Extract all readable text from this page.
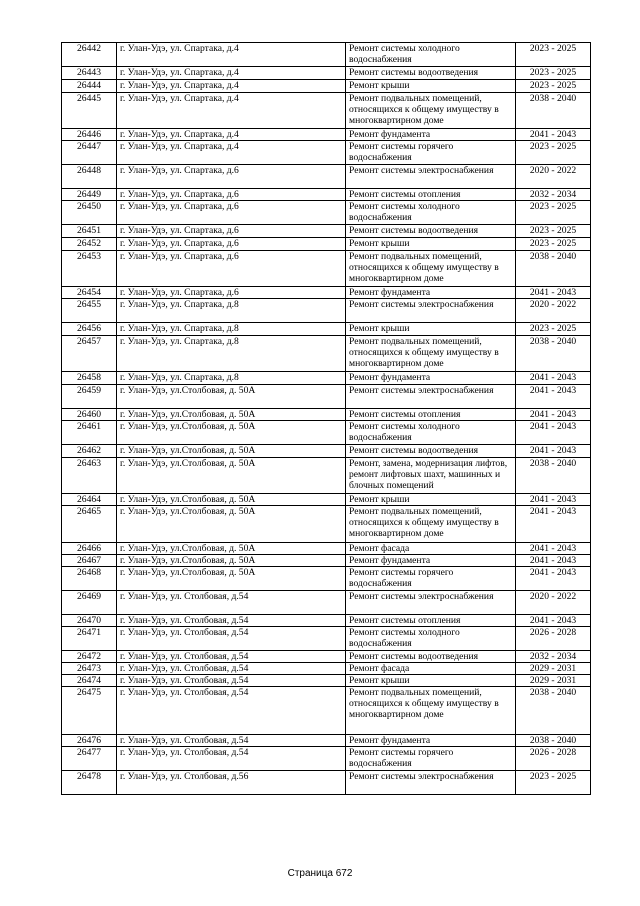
26442	г. Улан-Удэ, ул. Спартака, д.4	Ремонт системы холодного водоснабжения	2023 - 2025
26443	г. Улан-Удэ, ул. Спартака, д.4	Ремонт системы водоотведения	2023 - 2025
26444	г. Улан-Удэ, ул. Спартака, д.4	Ремонт крыши	2023 - 2025
26445	г. Улан-Удэ, ул. Спартака, д.4	Ремонт подвальных помещений, относящихся к общему имуществу в многоквартирном доме	2038 - 2040
26446	г. Улан-Удэ, ул. Спартака, д.4	Ремонт фундамента	2041 - 2043
26447	г. Улан-Удэ, ул. Спартака, д.4	Ремонт системы горячего водоснабжения	2023 - 2025
26448	г. Улан-Удэ, ул. Спартака, д.6	Ремонт системы электроснабжения	2020 - 2022
26449	г. Улан-Удэ, ул. Спартака, д.6	Ремонт системы отопления	2032 - 2034
26450	г. Улан-Удэ, ул. Спартака, д.6	Ремонт системы холодного водоснабжения	2023 - 2025
26451	г. Улан-Удэ, ул. Спартака, д.6	Ремонт системы водоотведения	2023 - 2025
26452	г. Улан-Удэ, ул. Спартака, д.6	Ремонт крыши	2023 - 2025
26453	г. Улан-Удэ, ул. Спартака, д.6	Ремонт подвальных помещений, относящихся к общему имуществу в многоквартирном доме	2038 - 2040
26454	г. Улан-Удэ, ул. Спартака, д.6	Ремонт фундамента	2041 - 2043
26455	г. Улан-Удэ, ул. Спартака, д.8	Ремонт системы электроснабжения	2020 - 2022
26456	г. Улан-Удэ, ул. Спартака, д.8	Ремонт крыши	2023 - 2025
26457	г. Улан-Удэ, ул. Спартака, д.8	Ремонт подвальных помещений, относящихся к общему имуществу в многоквартирном доме	2038 - 2040
26458	г. Улан-Удэ, ул. Спартака, д.8	Ремонт фундамента	2041 - 2043
26459	г. Улан-Удэ, ул.Столбовая, д. 50А	Ремонт системы электроснабжения	2041 - 2043
26460	г. Улан-Удэ, ул.Столбовая, д. 50А	Ремонт системы отопления	2041 - 2043
26461	г. Улан-Удэ, ул.Столбовая, д. 50А	Ремонт системы холодного водоснабжения	2041 - 2043
26462	г. Улан-Удэ, ул.Столбовая, д. 50А	Ремонт системы водоотведения	2041 - 2043
26463	г. Улан-Удэ, ул.Столбовая, д. 50А	Ремонт, замена, модернизация лифтов, ремонт лифтовых шахт, машинных и блочных помещений	2038 - 2040
26464	г. Улан-Удэ, ул.Столбовая, д. 50А	Ремонт крыши	2041 - 2043
26465	г. Улан-Удэ, ул.Столбовая, д. 50А	Ремонт подвальных помещений, относящихся к общему имуществу в многоквартирном доме	2041 - 2043
26466	г. Улан-Удэ, ул.Столбовая, д. 50А	Ремонт фасада	2041 - 2043
26467	г. Улан-Удэ, ул.Столбовая, д. 50А	Ремонт фундамента	2041 - 2043
26468	г. Улан-Удэ, ул.Столбовая, д. 50А	Ремонт системы горячего водоснабжения	2041 - 2043
26469	г. Улан-Удэ, ул. Столбовая, д.54	Ремонт системы электроснабжения	2020 - 2022
26470	г. Улан-Удэ, ул. Столбовая, д.54	Ремонт системы отопления	2041 - 2043
26471	г. Улан-Удэ, ул. Столбовая, д.54	Ремонт системы холодного водоснабжения	2026 - 2028
26472	г. Улан-Удэ, ул. Столбовая, д.54	Ремонт системы водоотведения	2032 - 2034
26473	г. Улан-Удэ, ул. Столбовая, д.54	Ремонт фасада	2029 - 2031
26474	г. Улан-Удэ, ул. Столбовая, д.54	Ремонт крыши	2029 - 2031
26475	г. Улан-Удэ, ул. Столбовая, д.54	Ремонт подвальных помещений, относящихся к общему имуществу в многоквартирном доме	2038 - 2040
26476	г. Улан-Удэ, ул. Столбовая, д.54	Ремонт фундамента	2038 - 2040
26477	г. Улан-Удэ, ул. Столбовая, д.54	Ремонт системы горячего водоснабжения	2026 - 2028
26478	г. Улан-Удэ, ул. Столбовая, д.56	Ремонт системы электроснабжения	2023 - 2025
Страница 672
